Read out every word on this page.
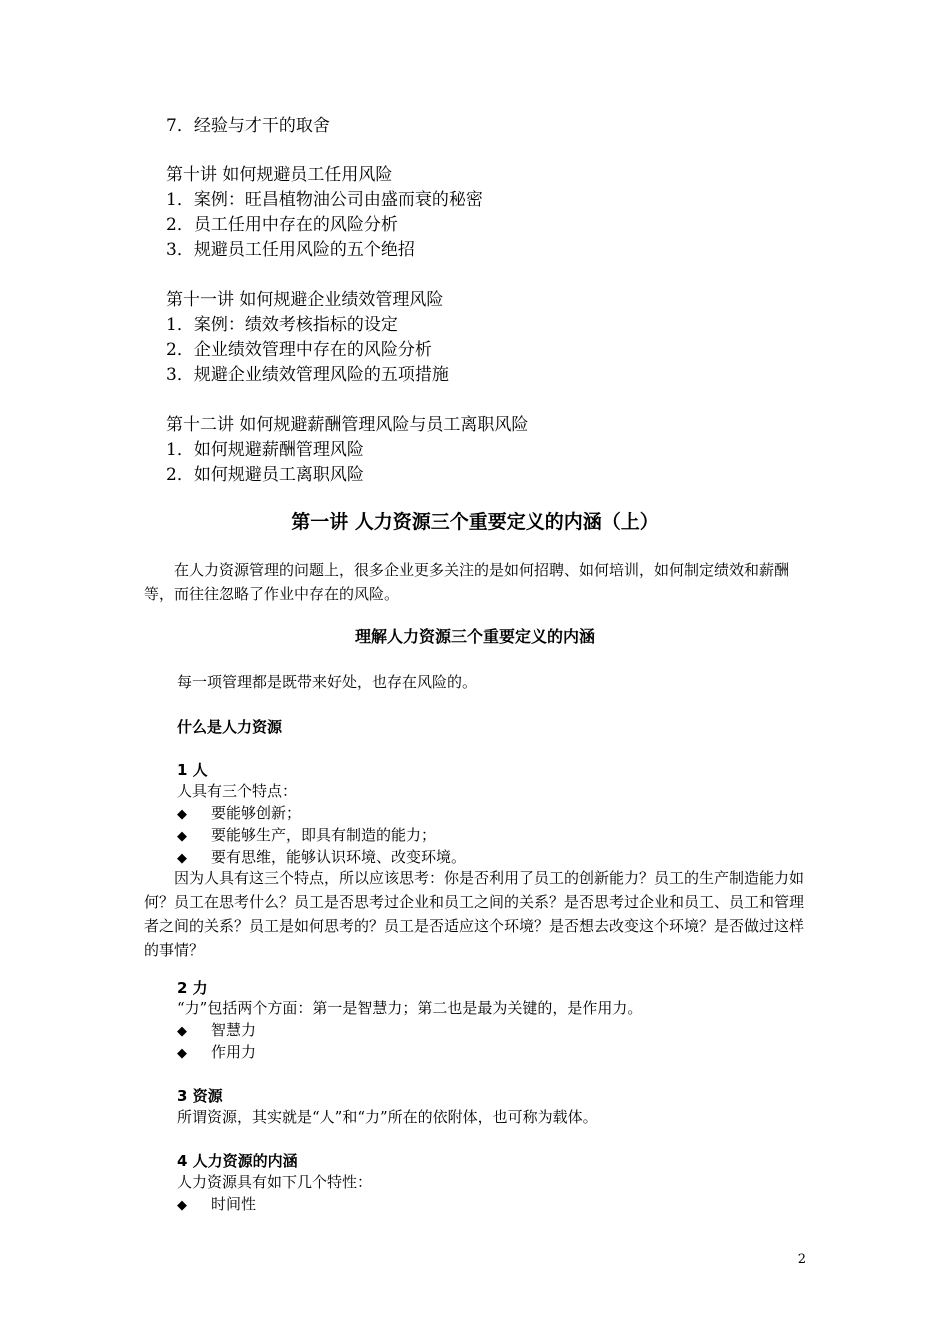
7．经验与才干的取舍
第十讲 如何规避员工任用风险
1．案例：旺昌植物油公司由盛而衰的秘密
2．员工任用中存在的风险分析
3．规避员工任用风险的五个绝招
第十一讲 如何规避企业绩效管理风险
1．案例：绩效考核指标的设定
2．企业绩效管理中存在的风险分析
3．规避企业绩效管理风险的五项措施
第十二讲 如何规避薪酬管理风险与员工离职风险
1．如何规避薪酬管理风险
2．如何规避员工离职风险
第一讲 人力资源三个重要定义的内涵（上）
在人力资源管理的问题上，很多企业更多关注的是如何招聘、如何培训，如何制定绩效和薪酬等，而往往忽略了作业中存在的风险。
理解人力资源三个重要定义的内涵
每一项管理都是既带来好处，也存在风险的。
什么是人力资源
1 人
人具有三个特点：
◆ 要能够创新；
◆ 要能够生产，即具有制造的能力；
◆ 要有思维，能够认识环境、改变环境。
因为人具有这三个特点，所以应该思考：你是否利用了员工的创新能力？员工的生产制造能力如何？员工在思考什么？员工是否思考过企业和员工之间的关系？是否思考过企业和员工、员工和管理者之间的关系？员工是如何思考的？员工是否适应这个环境？是否想去改变这个环境？是否做过这样的事情？
2 力
“力”包括两个方面：第一是智慧力；第二也是最为关键的，是作用力。
◆ 智慧力
◆ 作用力
3 资源
所谓资源，其实就是“人”和“力”所在的依附体，也可称为载体。
4 人力资源的内涵
人力资源具有如下几个特性：
◆ 时间性
2
